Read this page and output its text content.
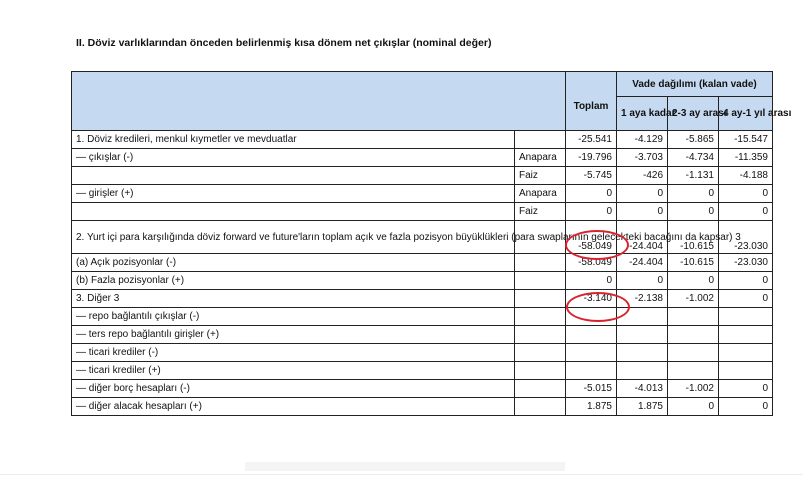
II. Döviz varlıklarından önceden belirlenmiş kısa dönem net çıkışlar (nominal değer)
		Toplam	Vade dağılımı (kalan vade)		
			1 aya kadar	2-3 ay arası	4 ay-1 yıl arası
1. Döviz kredileri, menkul kıymetler ve mevduatlar		-25.541	-4.129	-5.865	-15.547
— çıkışlar (-)	Anapara	-19.796	-3.703	-4.734	-11.359
	Faiz	-5.745	-426	-1.131	-4.188
— girişler (+)	Anapara	0	0	0	0
	Faiz	0	0	0	0
2. Yurt içi para karşılığında döviz forward ve future'ların toplam açık ve fazla pozisyon büyüklükleri (para swaplarının gelecekteki bacağını da kapsar) 3		-58.049	-24.404	-10.615	-23.030
(a) Açık pozisyonlar (-)		-58.049	-24.404	-10.615	-23.030
(b) Fazla pozisyonlar (+)		0	0	0	0
3. Diğer 3		-3.140	-2.138	-1.002	0
— repo bağlantılı çıkışlar (-)					
— ters repo bağlantılı girişler (+)					
— ticari krediler (-)					
— ticari krediler (+)					
— diğer borç hesapları (-)		-5.015	-4.013	-1.002	0
— diğer alacak hesapları (+)		1.875	1.875	0	0
